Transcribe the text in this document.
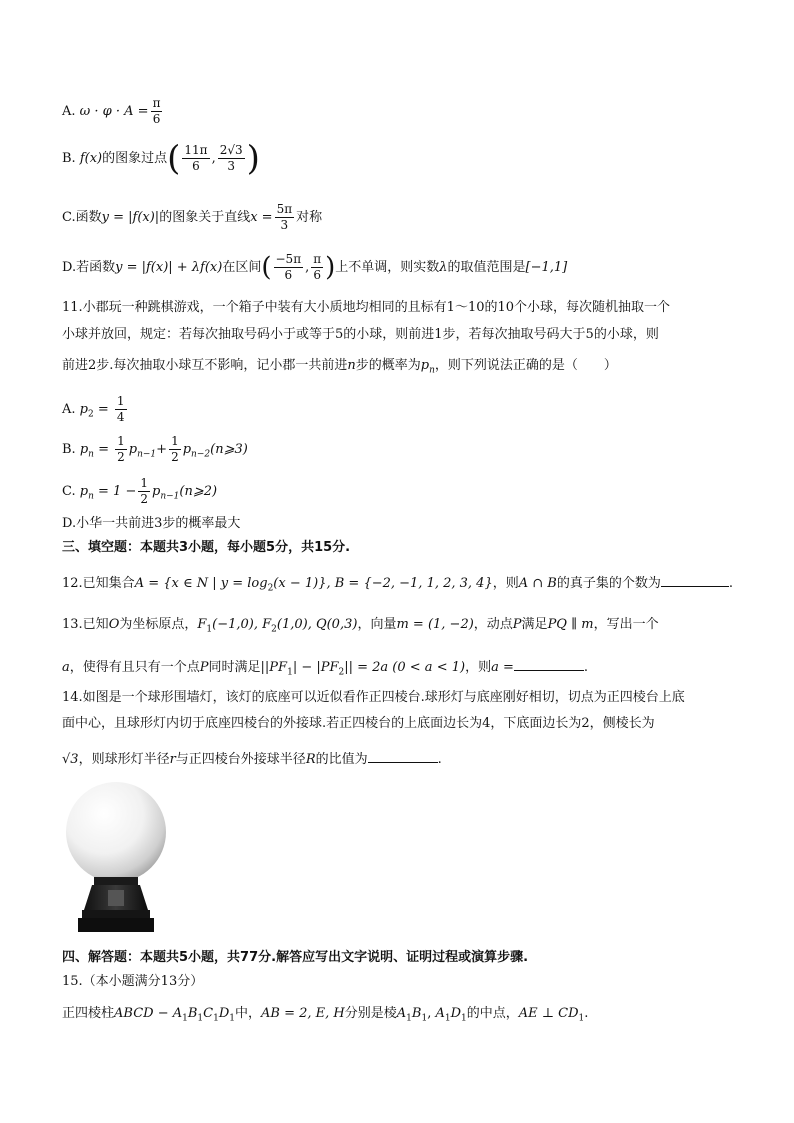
A. $\omega \cdot \varphi \cdot A = \frac{\pi}{6}$
B. f(x)的图象过点( $\frac{11\pi}{6}$ , $\frac{2√3}{3}$ )
C.函数y = |f(x)|的图象关于直线$x = \frac{5\pi}{3}$ 对称
D.若函数y = |f(x)| + λf(x)在区间( $\frac{-5\pi}{6}$ , $\frac{\pi}{6}$ )上不单调，则实数λ的取值范围是[−1,1]
11.小郡玩一种跳棋游戏，一个箱子中装有大小质地均相同的且标有1～10的10个小球，每次随机抽取一个
小球并放回，规定：若每次抽取号码小于或等于5的小球，则前进1步，若每次抽取号码大于5的小球，则
前进2步.每次抽取小球互不影响，记小郡一共前进n步的概率为$p_n$，则下列说法正确的是（　　）
A. $p_2 = \frac{1}{4}$
B. $p_n = \frac{1}{2} p_{n-1}+ \frac{1}{2}$ $p_{n-2}(n⩾3)$
C. $p_n = 1 - \frac{1}{2}$ $p_{n-1}(n⩾2)$
D.小华一共前进3步的概率最大
三、填空题：本题共3小题，每小题5分，共15分.
12.已知集合A = {x ∈ N | $y = \log_2(x - 1)$}, B = {−2, −1, 1, 2, 3, 4}，则A ∩ B的真子集的个数为	.
13.已知O为坐标原点，$F_1(-1,0)$, $F_2(1,0)$, Q(0,3)，向量m = (1, −2)，动点P满足PQ ∥ m，写出一个
a，使得有且只有一个点P同时满足$||PF_1| - |PF_2|| = 2a$ (0 < a < 1)，则a =	.
14.如图是一个球形围墙灯，该灯的底座可以近似看作正四棱台.球形灯与底座刚好相切，切点为正四棱台上底
面中心，且球形灯内切于底座四棱台的外接球.若正四棱台的上底面边长为4，下底面边长为2，侧棱长为
√3，则球形灯半径r与正四棱台外接球半径R的比值为	.
四、解答题：本题共5小题，共77分.解答应写出文字说明、证明过程或演算步骤.
15.（本小题满分13分）
正四棱柱ABCD − $A_1B_1C_1D_1$中，AB = 2, E, H分别是棱$A_1B_1$, $A_1D_1$的中点，AE ⊥ $CD_1$.
